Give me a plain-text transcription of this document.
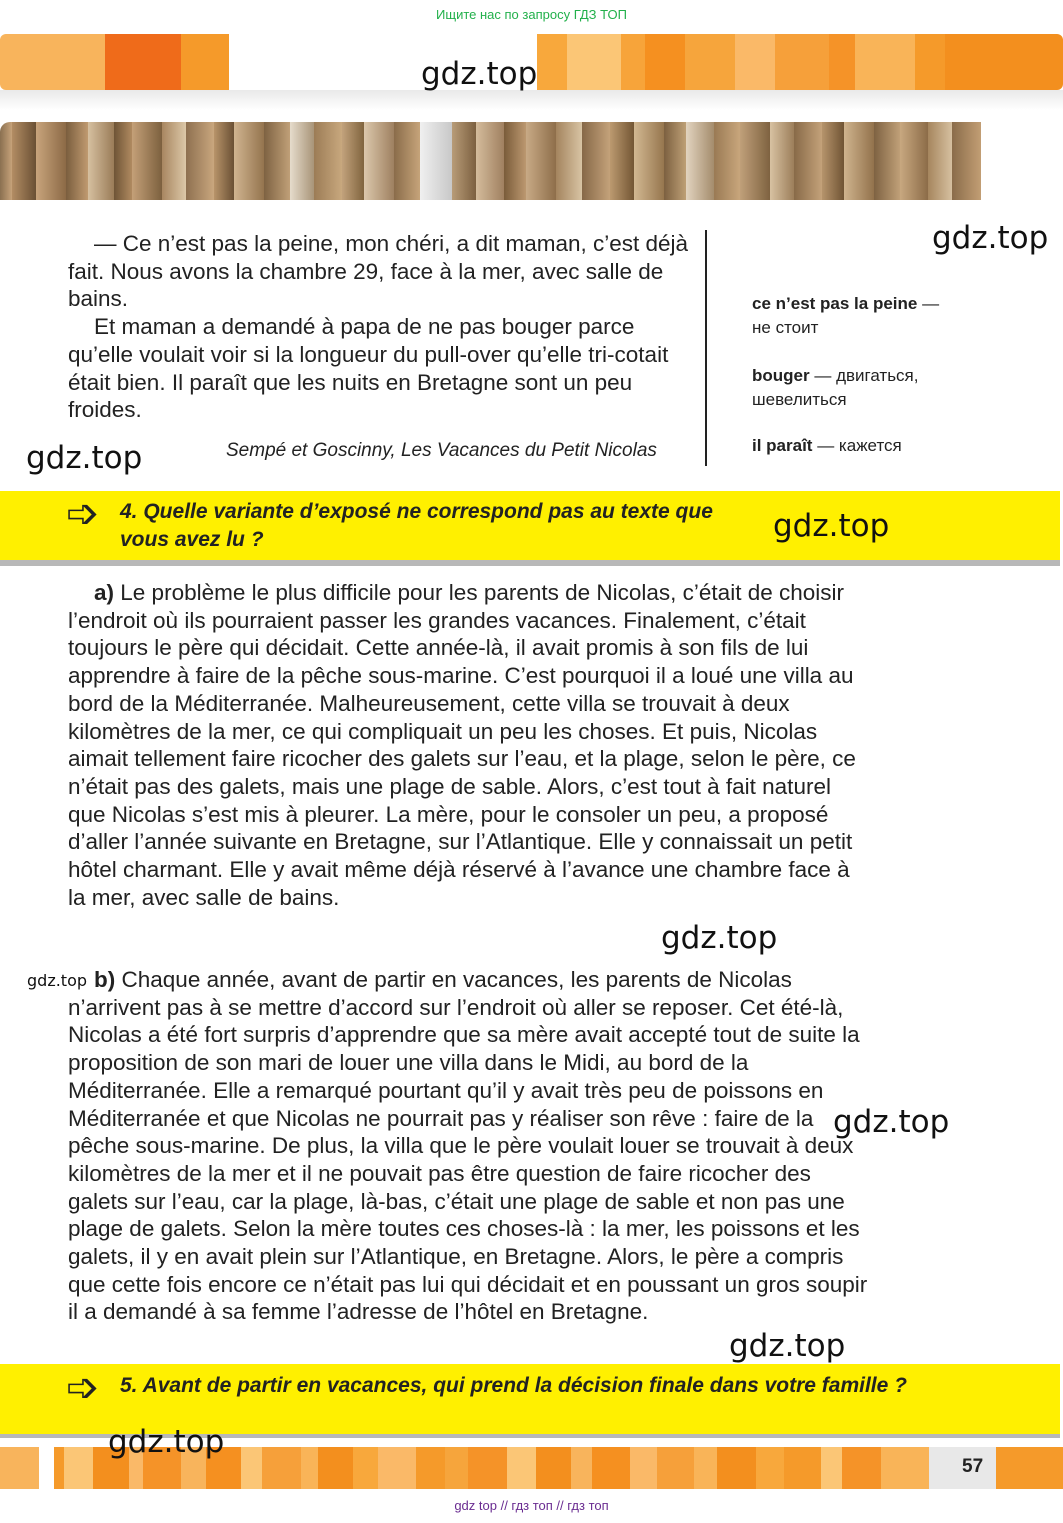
Ищите нас по запросу ГДЗ ТОП
gdz.top
gdz.top

— Ce n’est pas la peine, mon chéri, a dit maman, c’est déjà fait. Nous avons la chambre 29, face à la mer, avec salle de bains.

Et maman a demandé à papa de ne pas bouger parce qu’elle voulait voir si la longueur du pull-over qu’elle tri-cotait était bien. Il paraît que les nuits en Bretagne sont un peu froides.

gdz.top	Sempé et Goscinny, Les Vacances du Petit Nicolas
ce n’est pas la peine — не стоит
bouger — двигаться, шевелиться
il paraît — кажется
➩ 4. Quelle variante d’exposé ne correspond pas au texte que vous avez lu ?	gdz.top

a) Le problème le plus difficile pour les parents de Nicolas, c’était de choisir l’endroit où ils pourraient passer les grandes vacances. Finalement, c’était toujours le père qui décidait. Cette année-là, il avait promis à son fils de lui apprendre à faire de la pêche sous-marine. C’est pourquoi il a loué une villa au bord de la Méditerranée. Malheureusement, cette villa se trouvait à deux kilomètres de la mer, ce qui compliquait un peu les choses. Et puis, Nicolas aimait tellement faire ricocher des galets sur l’eau, et la plage, selon le père, ce n’était pas des galets, mais une plage de sable. Alors, c’est tout à fait naturel que Nicolas s’est mis à pleurer. La mère, pour le consoler un peu, a proposé d’aller l’année suivante en Bretagne, sur l’Atlantique. Elle y connaissait un petit hôtel charmant. Elle y avait même déjà réservé à l’avance une chambre face à la mer, avec salle de bains.

gdz.top
gdz.top b) Chaque année, avant de partir en vacances, les parents de Nicolas n’arrivent pas à se mettre d’accord sur l’endroit où aller se reposer. Cet été-là, Nicolas a été fort surpris d’apprendre que sa mère avait accepté tout de suite la proposition de son mari de louer une villa dans le Midi, au bord de la Méditerranée. Elle a remarqué pourtant qu’il y avait très peu de poissons en Méditerranée et que Nicolas ne pourrait pas y réaliser son rêve : faire de la pêche sous-marine. De plus, la villa que le père voulait louer se trouvait à deux kilomètres de la mer et il ne pouvait pas être question de faire ricocher des galets sur l’eau, car la plage, là-bas, c’était une plage de sable et non pas une plage de galets. Selon la mère toutes ces choses-là : la mer, les poissons et les galets, il y en avait plein sur l’Atlantique, en Bretagne. Alors, le père a compris que cette fois encore ce n’était pas lui qui décidait et en poussant un gros soupir il a demandé à sa femme l’adresse de l’hôtel en Bretagne.

gdz.top
gdz.top
➩ 5. Avant de partir en vacances, qui prend la décision finale dans votre famille ?
gdz.top
57
gdz top // гдз топ // гдз топ
